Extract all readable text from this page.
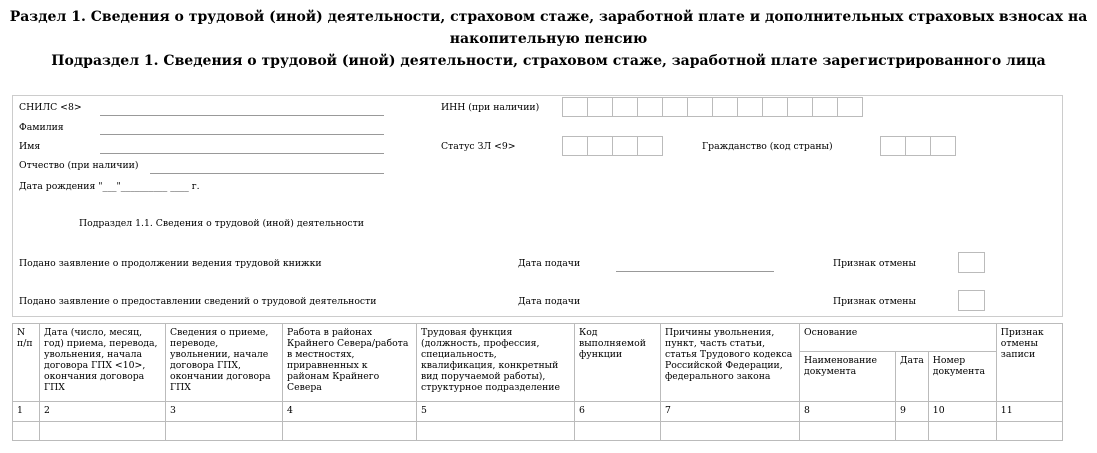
Раздел 1. Сведения о трудовой (иной) деятельности, страховом стаже, заработной плате и дополнительных страховых взносах на
накопительную пенсию
Подраздел 1. Сведения о трудовой (иной) деятельности, страховом стаже, заработной плате зарегистрированного лица
СНИЛС <8>	ИНН (при наличии)
Фамилия
Имя	Статус ЗЛ <9>	Гражданство (код страны)
Отчество (при наличии)
Дата рождения "___"__________ ____ г.
Подраздел 1.1. Сведения о трудовой (иной) деятельности
Подано заявление о продолжении ведения трудовой книжки	Дата подачи	Признак отмены
Подано заявление о предоставлении сведений о трудовой деятельности	Дата подачи	Признак отмены
N п/п	Дата (число, месяц, год) приема, перевода, увольнения, начала договора ГПХ <10>, окончания договора ГПХ	Сведения о приеме, переводе, увольнении, начале договора ГПХ, окончании договора ГПХ	Работа в районах Крайнего Севера/работа в местностях, приравненных к районам Крайнего Севера	Трудовая функция (должность, профессия, специальность, квалификация, конкретный вид поручаемой работы), структурное подразделение	Код выполняемой функции	Причины увольнения, пункт, часть статьи, статья Трудового кодекса Российской Федерации, федерального закона	Основание			Признак отмены записи
							Наименование документа	Дата	Номер документа	
1	2	3	4	5	6	7	8	9	10	11
